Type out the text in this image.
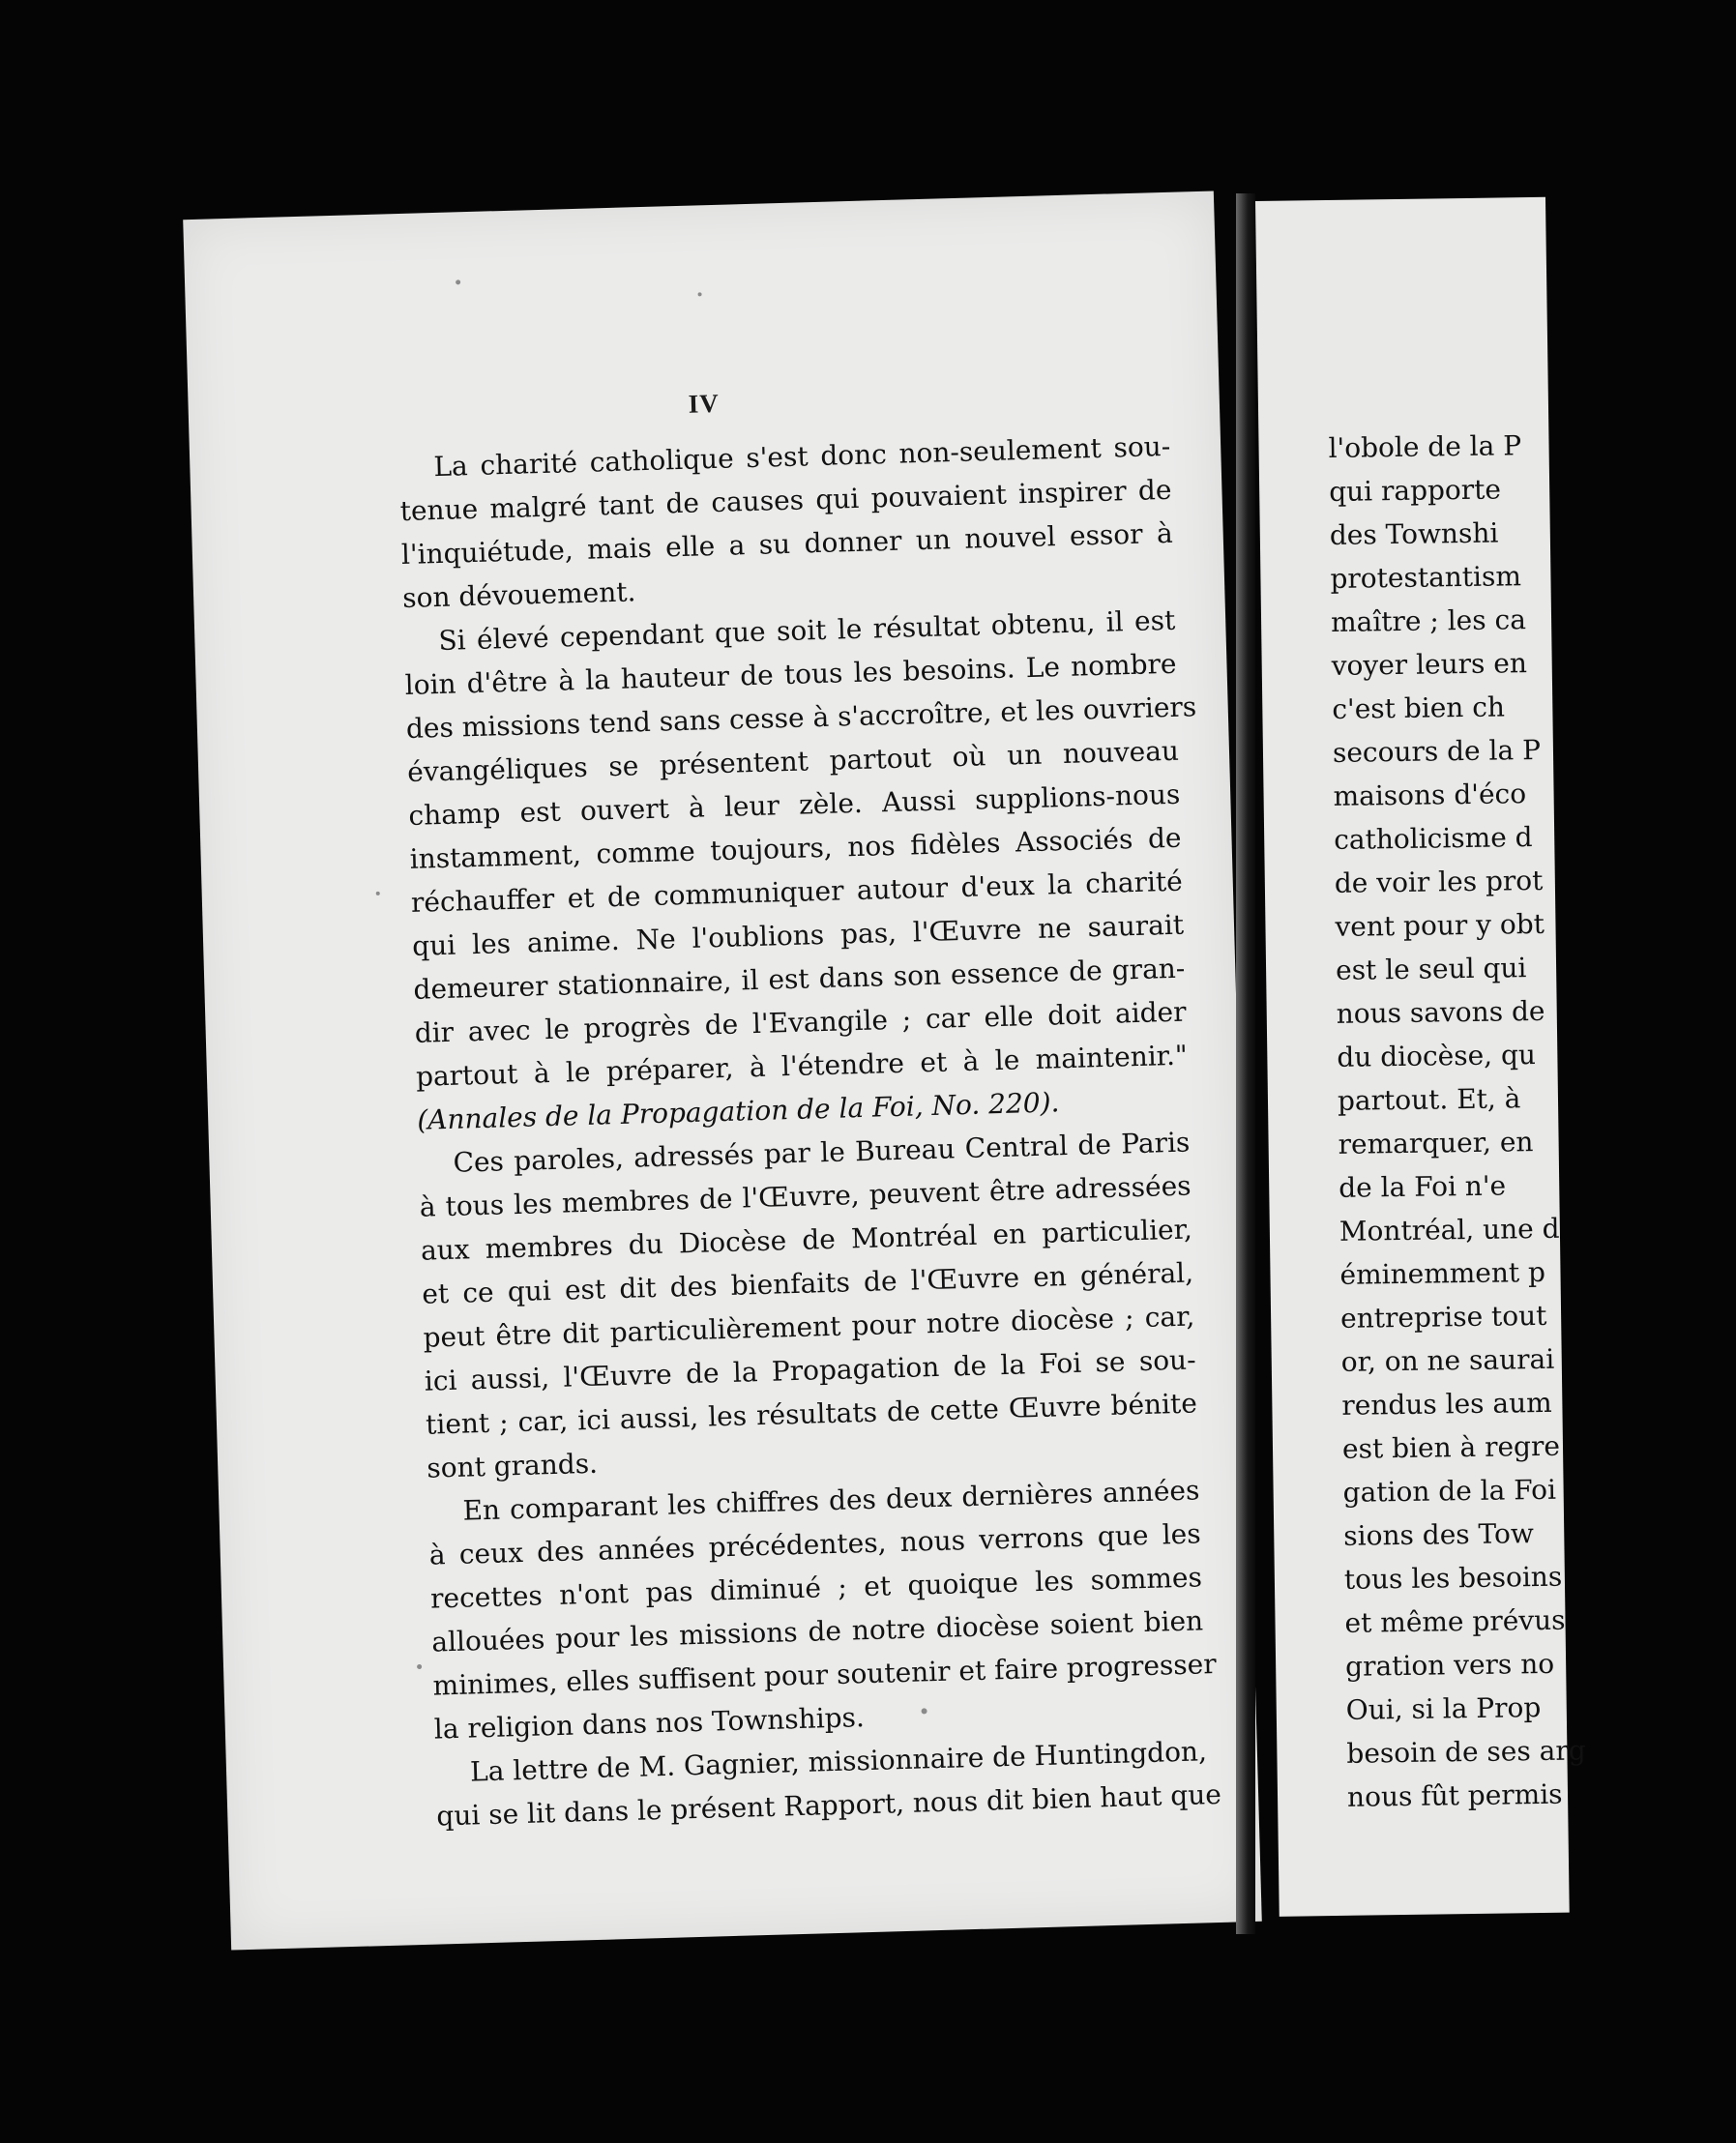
IV
La charité catholique s'est donc non-seulement sou-
tenue malgré tant de causes qui pouvaient inspirer de
l'inquiétude, mais elle a su donner un nouvel essor à
son dévouement.
Si élevé cependant que soit le résultat obtenu, il est
loin d'être à la hauteur de tous les besoins. Le nombre
des missions tend sans cesse à s'accroître, et les ouvriers
évangéliques se présentent partout où un nouveau
champ est ouvert à leur zèle. Aussi supplions-nous
instamment, comme toujours, nos fidèles Associés de
réchauffer et de communiquer autour d'eux la charité
qui les anime. Ne l'oublions pas, l'Œuvre ne saurait
demeurer stationnaire, il est dans son essence de gran-
dir avec le progrès de l'Evangile ; car elle doit aider
partout à le préparer, à l'étendre et à le maintenir."
(Annales de la Propagation de la Foi, No. 220).
Ces paroles, adressés par le Bureau Central de Paris
à tous les membres de l'Œuvre, peuvent être adressées
aux membres du Diocèse de Montréal en particulier,
et ce qui est dit des bienfaits de l'Œuvre en général,
peut être dit particulièrement pour notre diocèse ; car,
ici aussi, l'Œuvre de la Propagation de la Foi se sou-
tient ; car, ici aussi, les résultats de cette Œuvre bénite
sont grands.
En comparant les chiffres des deux dernières années
à ceux des années précédentes, nous verrons que les
recettes n'ont pas diminué ; et quoique les sommes
allouées pour les missions de notre diocèse soient bien
minimes, elles suffisent pour soutenir et faire progresser
la religion dans nos Townships.
La lettre de M. Gagnier, missionnaire de Huntingdon,
qui se lit dans le présent Rapport, nous dit bien haut que
l'obole de la P
qui rapporte
des Townshi
protestantism
maître ; les ca
voyer leurs en
c'est bien ch
secours de la P
maisons d'éco
catholicisme d
de voir les prot
vent pour y obt
est le seul qui
nous savons de
du diocèse, qu
partout. Et, à
remarquer, en
de la Foi n'e
Montréal, une d
éminemment p
entreprise tout
or, on ne saurai
rendus les aum
est bien à regre
gation de la Foi
sions des Tow
tous les besoins
et même prévus
gration vers no
Oui, si la Prop
besoin de ses arg
nous fût permis
